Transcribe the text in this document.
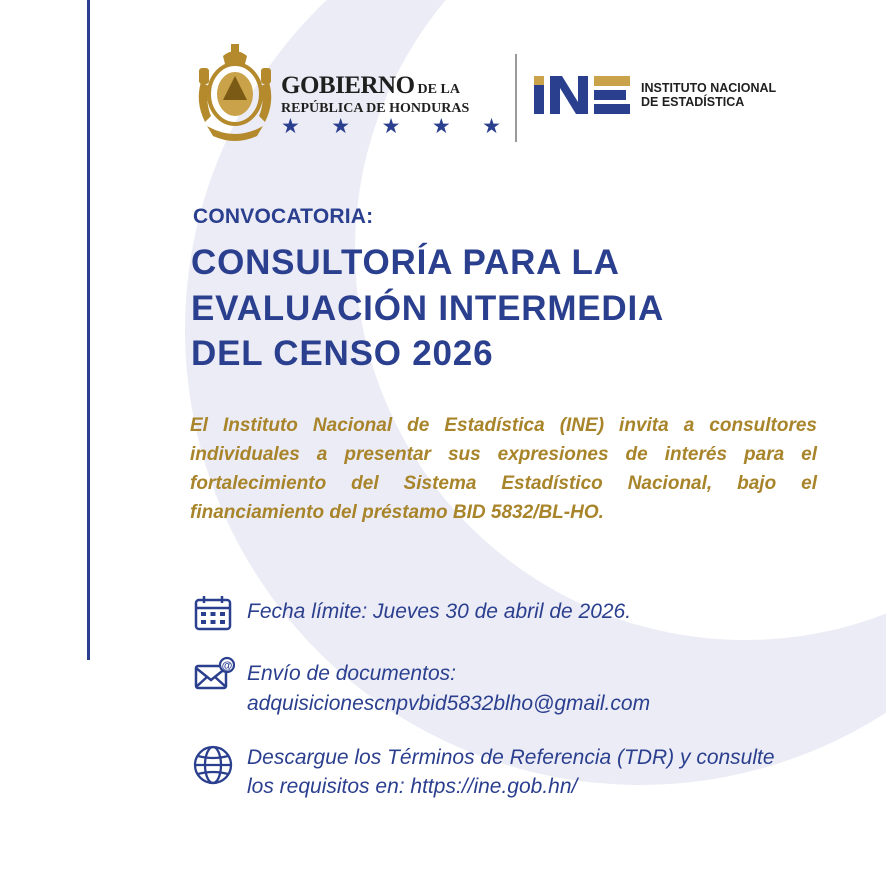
GOBIERNO DE LA
REPÚBLICA DE HONDURAS
★ ★ ★ ★ ★
INSTITUTO NACIONAL
DE ESTADÍSTICA
CONVOCATORIA:
CONSULTORÍA PARA LA
EVALUACIÓN INTERMEDIA
DEL CENSO 2026
El Instituto Nacional de Estadística (INE) invita a consultores individuales a presentar sus expresiones de interés para el fortalecimiento del Sistema Estadístico Nacional, bajo el financiamiento del préstamo BID 5832/BL-HO.
Fecha límite: Jueves 30 de abril de 2026.
@ Envío de documentos:
adquisicionescnpvbid5832blho@gmail.com
Descargue los Términos de Referencia (TDR) y consulte
los requisitos en: https://ine.gob.hn/
